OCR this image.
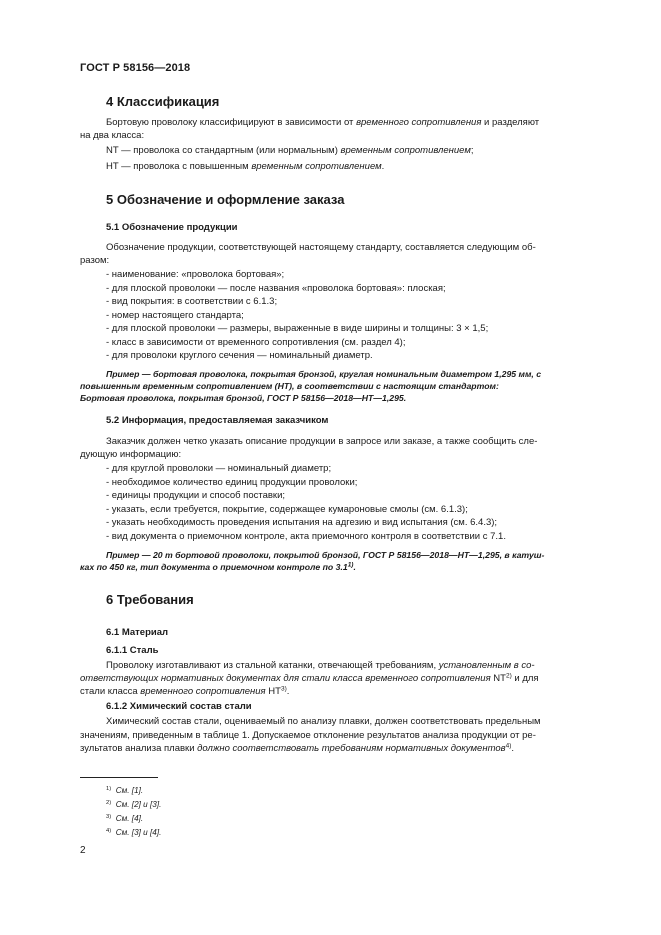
ГОСТ Р 58156—2018
4 Классификация
Бортовую проволоку классифицируют в зависимости от временного сопротивления и разделяют
на два класса:
NT — проволока со стандартным (или нормальным) временным сопротивлением;
HT — проволока с повышенным временным сопротивлением.
5 Обозначение и оформление заказа
5.1 Обозначение продукции
Обозначение продукции, соответствующей настоящему стандарту, составляется следующим об-
разом:
- наименование: «проволока бортовая»;
- для плоской проволоки — после названия «проволока бортовая»: плоская;
- вид покрытия: в соответствии с 6.1.3;
- номер настоящего стандарта;
- для плоской проволоки — размеры, выраженные в виде ширины и толщины: 3 × 1,5;
- класс в зависимости от временного сопротивления (см. раздел 4);
- для проволоки круглого сечения — номинальный диаметр.
Пример — бортовая проволока, покрытая бронзой, круглая номинальным диаметром 1,295 мм, с
повышенным временным сопротивлением (HT), в соответствии с настоящим стандартом:
Бортовая проволока, покрытая бронзой, ГОСТ Р 58156—2018—HT—1,295.
5.2 Информация, предоставляемая заказчиком
Заказчик должен четко указать описание продукции в запросе или заказе, а также сообщить сле-
дующую информацию:
- для круглой проволоки — номинальный диаметр;
- необходимое количество единиц продукции проволоки;
- единицы продукции и способ поставки;
- указать, если требуется, покрытие, содержащее кумароновые смолы (см. 6.1.3);
- указать необходимость проведения испытания на адгезию и вид испытания (см. 6.4.3);
- вид документа о приемочном контроле, акта приемочного контроля в соответствии с 7.1.
Пример — 20 т бортовой проволоки, покрытой бронзой, ГОСТ Р 58156—2018—HT—1,295, в катуш-
ках по 450 кг, тип документа о приемочном контроле по 3.1$^{1)}$.
6 Требования
6.1 Материал
6.1.1 Сталь
Проволоку изготавливают из стальной катанки, отвечающей требованиям, установленным в со-
ответствующих нормативных документах для стали класса временного сопротивления NT$^{2)}$ и для
стали класса временного сопротивления HT$^{3)}$.
6.1.2 Химический состав стали
Химический состав стали, оцениваемый по анализу плавки, должен соответствовать предельным
значениям, приведенным в таблице 1. Допускаемое отклонение результатов анализа продукции от ре-
зультатов анализа плавки должно соответствовать требованиям нормативных документов$^{4)}$.
$^{1)}$ См. [1].
$^{2)}$ См. [2] и [3].
$^{3)}$ См. [4].
$^{4)}$ См. [3] и [4].
2
